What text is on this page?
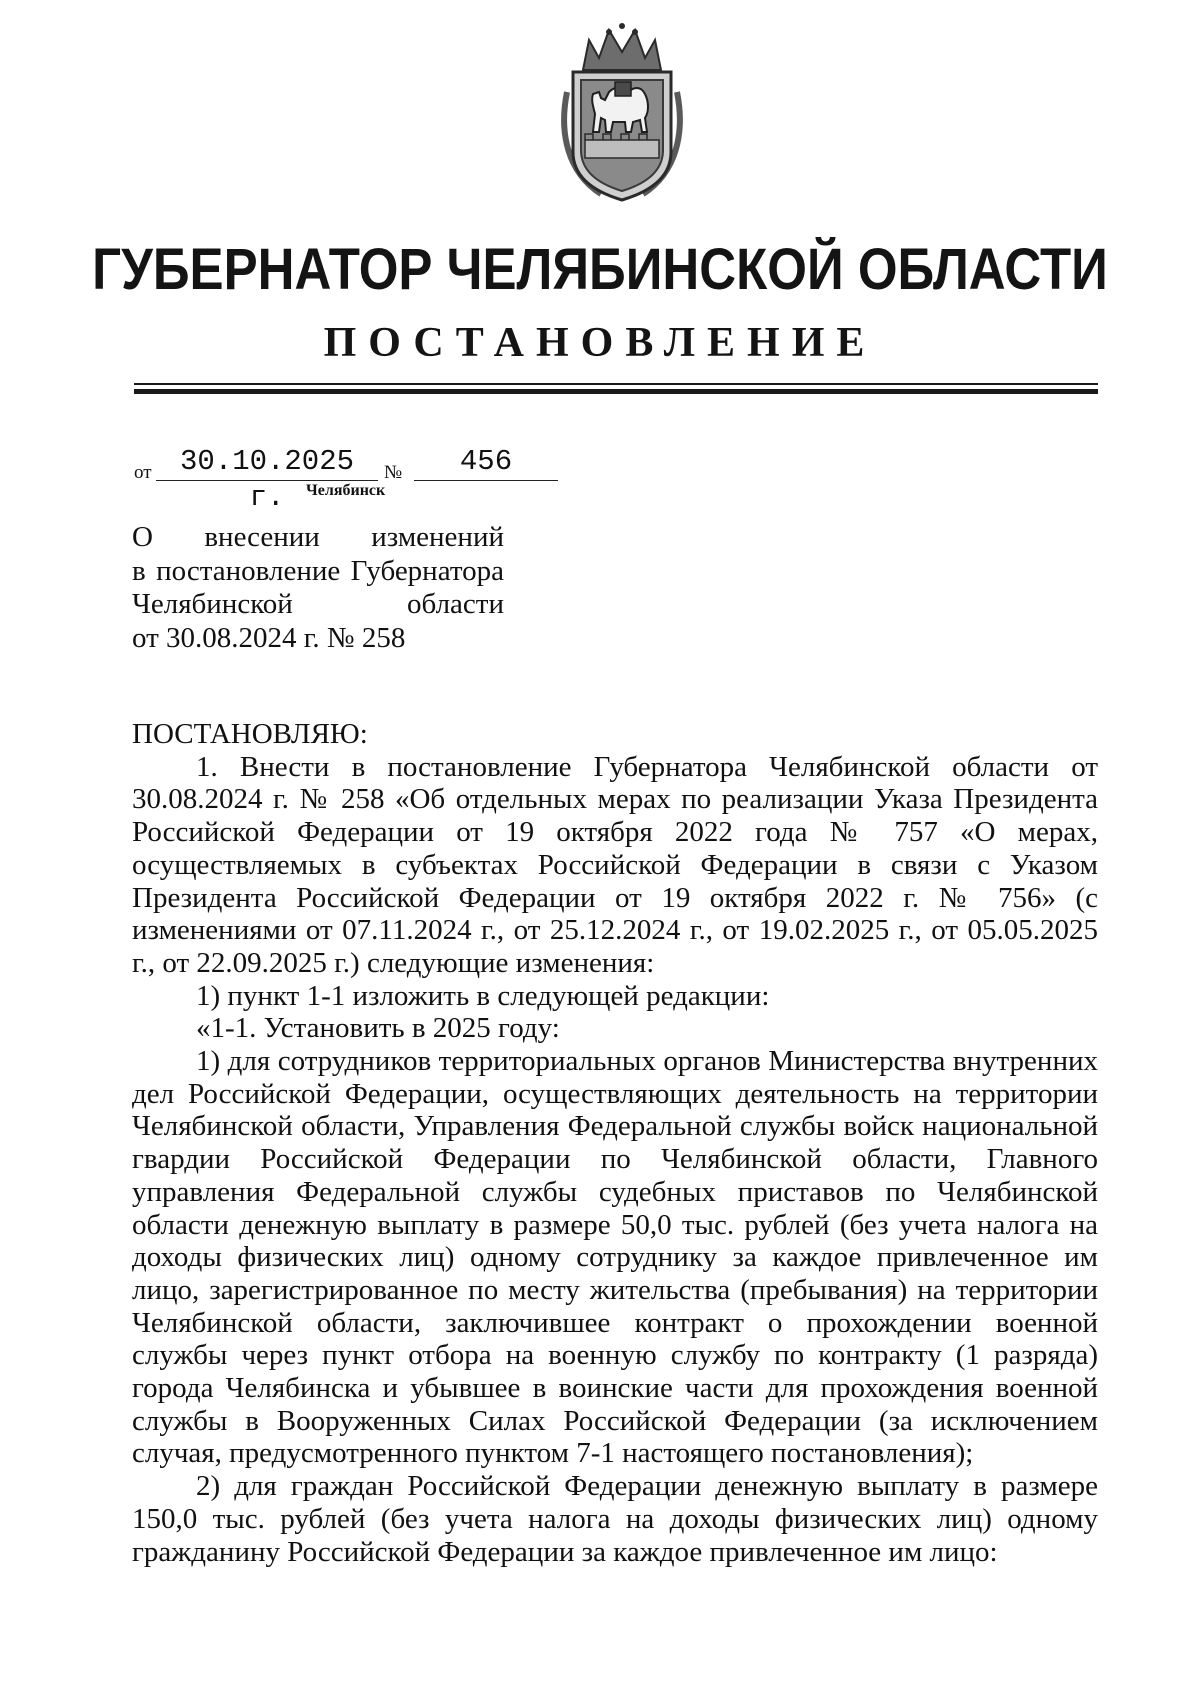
ГУБЕРНАТОР ЧЕЛЯБИНСКОЙ ОБЛАСТИ
ПОСТАНОВЛЕНИЕ
от 30.10.2025 г.
№	456
Челябинск
О внесении изменений
в постановление Губернатора
Челябинской области
от 30.08.2024 г. № 258

ПОСТАНОВЛЯЮ:

1. Внести в постановление Губернатора Челябинской области от 30.08.2024 г. № 258 «Об отдельных мерах по реализации Указа Президента Российской Федерации от 19 октября 2022 года № 757 «О мерах, осуществляемых в субъектах Российской Федерации в связи с Указом Президента Российской Федерации от 19 октября 2022 г. № 756» (с изменениями от 07.11.2024 г., от 25.12.2024 г., от 19.02.2025 г., от 05.05.2025 г., от 22.09.2025 г.) следующие изменения:

1) пункт 1-1 изложить в следующей редакции:

«1-1. Установить в 2025 году:

1) для сотрудников территориальных органов Министерства внутренних дел Российской Федерации, осуществляющих деятельность на территории Челябинской области, Управления Федеральной службы войск национальной гвардии Российской Федерации по Челябинской области, Главного управления Федеральной службы судебных приставов по Челябинской области денежную выплату в размере 50,0 тыс. рублей (без учета налога на доходы физических лиц) одному сотруднику за каждое привлеченное им лицо, зарегистрированное по месту жительства (пребывания) на территории Челябинской области, заключившее контракт о прохождении военной службы через пункт отбора на военную службу по контракту (1 разряда) города Челябинска и убывшее в воинские части для прохождения военной службы в Вооруженных Силах Российской Федерации (за исключением случая, предусмотренного пунктом 7-1 настоящего постановления);

2) для граждан Российской Федерации денежную выплату в размере 150,0 тыс. рублей (без учета налога на доходы физических лиц) одному гражданину Российской Федерации за каждое привлеченное им лицо:
